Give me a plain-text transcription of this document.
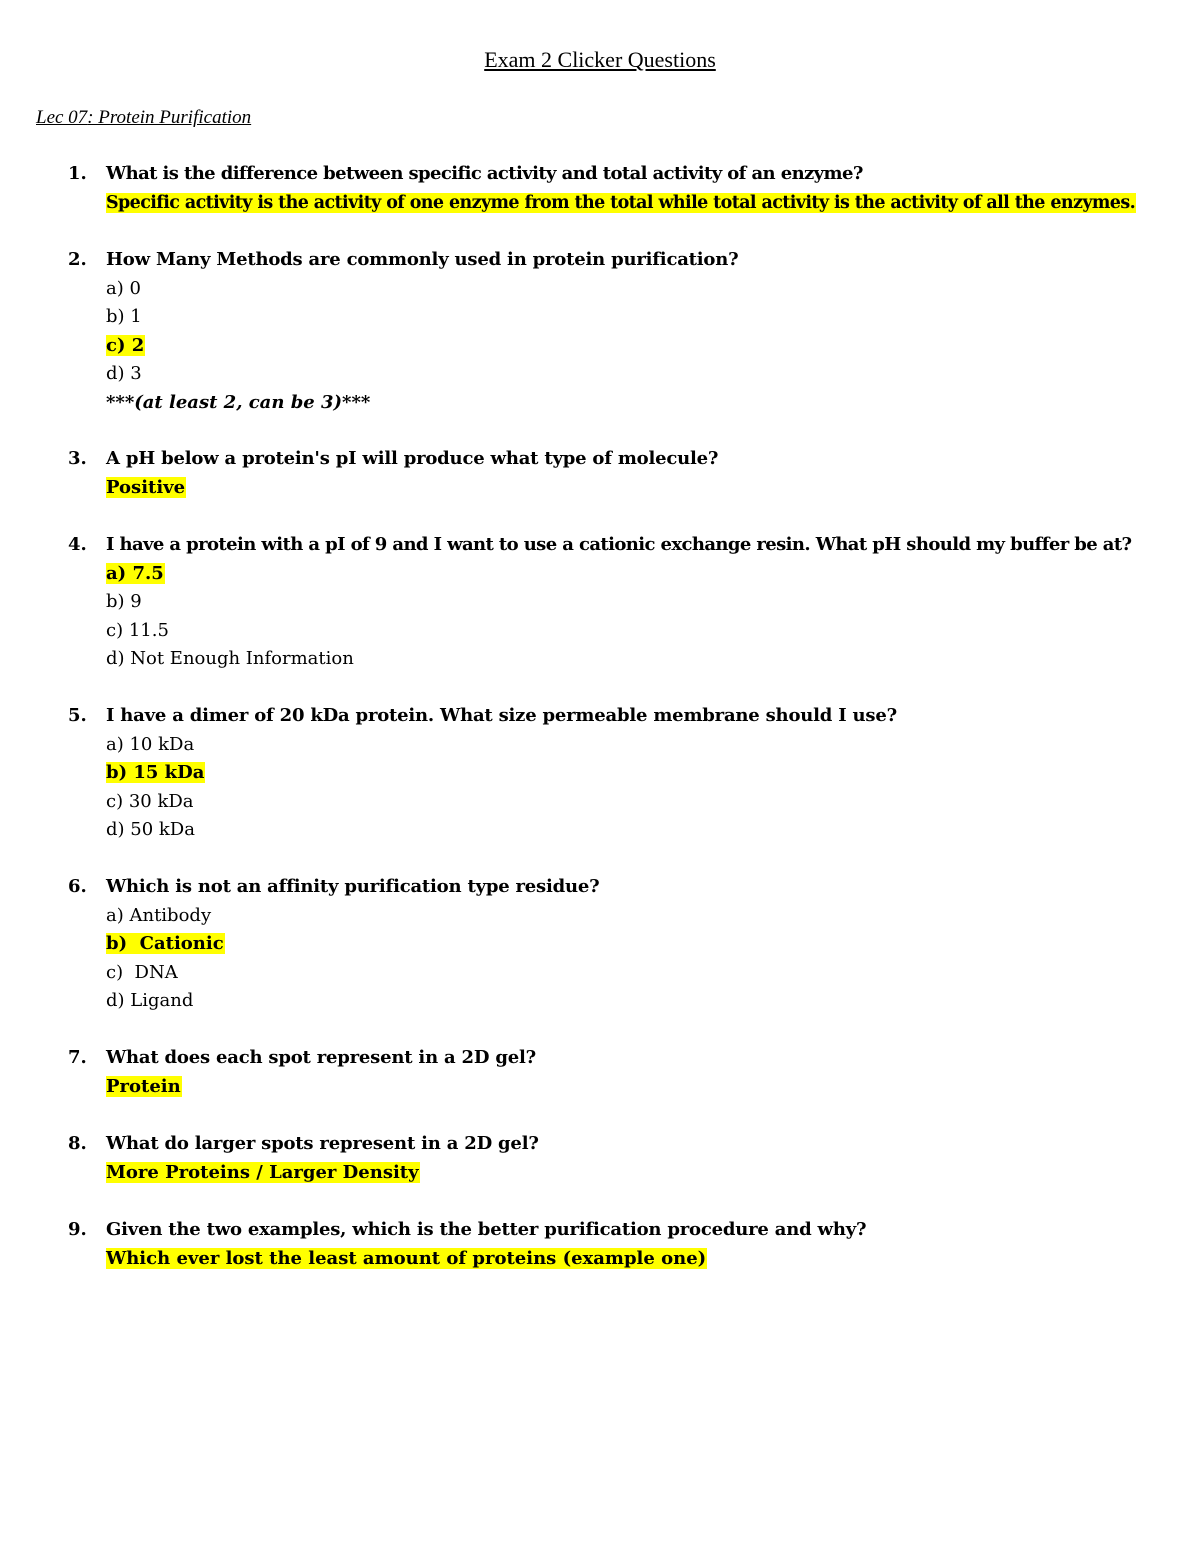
Exam 2 Clicker Questions
Lec 07: Protein Purification
1.	What is the difference between specific activity and total activity of an enzyme?
Specific activity is the activity of one enzyme from the total while total activity is the activity of all the enzymes.
2.	How Many Methods are commonly used in protein purification?
a) 0
b) 1
c) 2
d) 3
***(at least 2, can be 3)***
3.	A pH below a protein's pI will produce what type of molecule?
Positive
4.	I have a protein with a pI of 9 and I want to use a cationic exchange resin. What pH should my buffer be at?
a) 7.5
b) 9
c) 11.5
d) Not Enough Information
5.	I have a dimer of 20 kDa protein. What size permeable membrane should I use?
a) 10 kDa
b) 15 kDa
c) 30 kDa
d) 50 kDa
6.	Which is not an affinity purification type residue?
a) Antibody
b)  Cationic
c)  DNA
d) Ligand
7.	What does each spot represent in a 2D gel?
Protein
8.	What do larger spots represent in a 2D gel?
More Proteins / Larger Density
9.	Given the two examples, which is the better purification procedure and why?
Which ever lost the least amount of proteins (example one)
